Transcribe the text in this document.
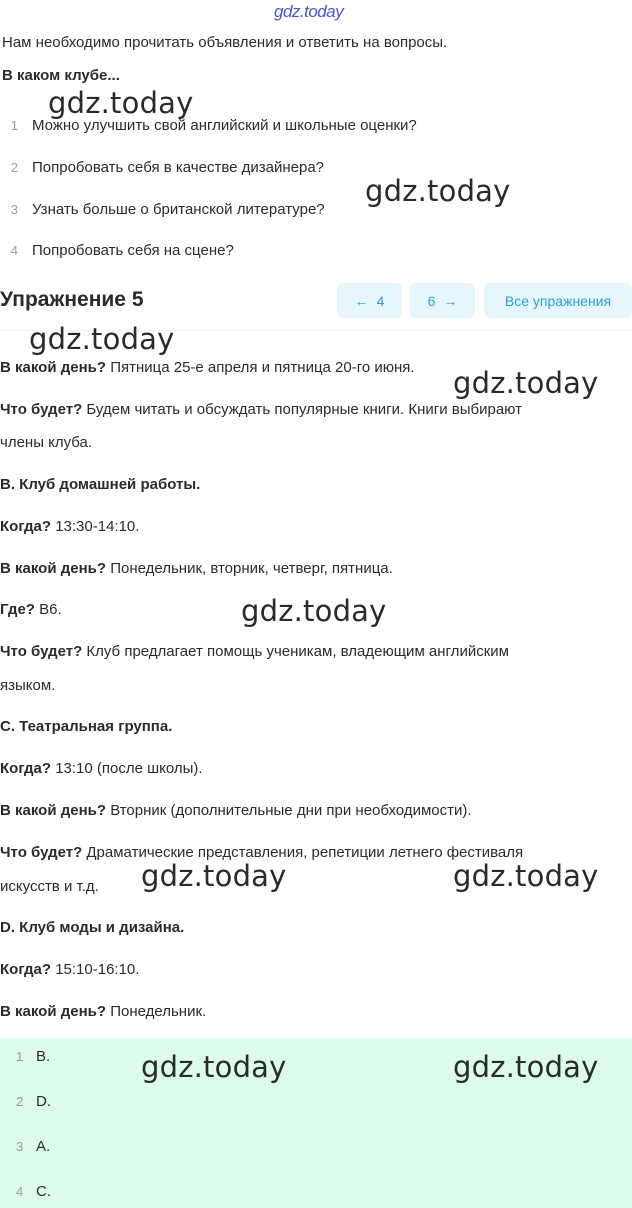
gdz.today
Нам необходимо прочитать объявления и ответить на вопросы.
В каком клубе...
1 Можно улучшить свой английский и школьные оценки?
2 Попробовать себя в качестве дизайнера?
3 Узнать больше о британской литературе?
4 Попробовать себя на сцене?
Упражнение 5	← 4	6 →	Все упражнения
В какой день? Пятница 25-е апреля и пятница 20-го июня.
Что будет? Будем читать и обсуждать популярные книги. Книги выбирают
члены клуба.
B. Клуб домашней работы.
Когда? 13:30-14:10.
В какой день? Понедельник, вторник, четверг, пятница.
Где? B6.
Что будет? Клуб предлагает помощь ученикам, владеющим английским
языком.
C. Театральная группа.
Когда? 13:10 (после школы).
В какой день? Вторник (дополнительные дни при необходимости).
Что будет? Драматические представления, репетиции летнего фестиваля
искусств и т.д.
D. Клуб моды и дизайна.
Когда? 15:10-16:10.
В какой день? Понедельник.
1 B.
2 D.
3 A.
4 C.
gdz.today
gdz.today
gdz.today
gdz.today
gdz.today
gdz.today	gdz.today
gdz.today	gdz.today
